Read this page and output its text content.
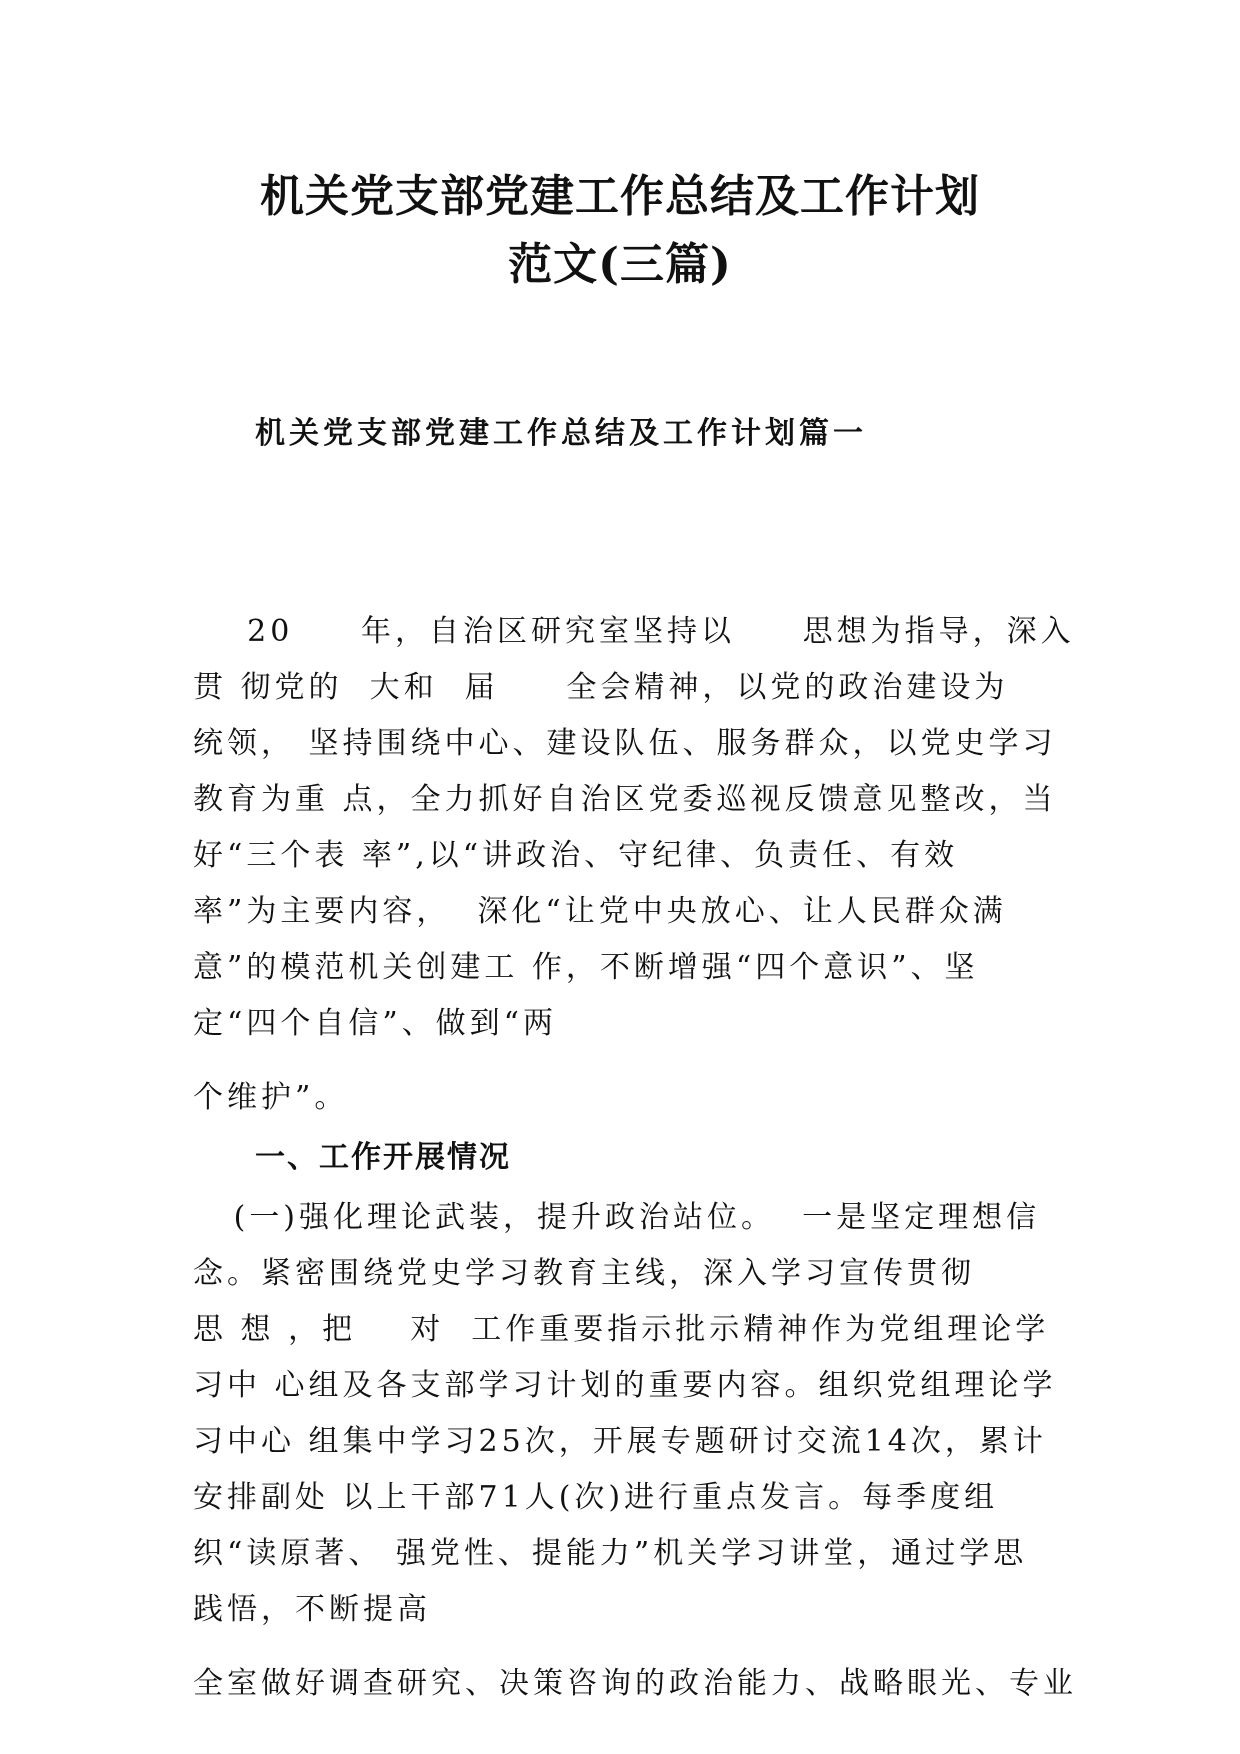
机关党支部党建工作总结及工作计划
范文(三篇)
机关党支部党建工作总结及工作计划篇一
20     年，自治区研究室坚持以     思想为指导，深入
贯 彻党的  大和  届     全会精神，以党的政治建设为
统领， 坚持围绕中心、建设队伍、服务群众，以党史学习
教育为重 点，全力抓好自治区党委巡视反馈意见整改，当
好“三个表 率”,以“讲政治、守纪律、负责任、有效
率”为主要内容，  深化“让党中央放心、让人民群众满
意”的模范机关创建工 作，不断增强“四个意识”、坚
定“四个自信”、做到“两
个维护”。
一、工作开展情况
(一)强化理论武装，提升政治站位。  一是坚定理想信
念。紧密围绕党史学习教育主线，深入学习宣传贯彻
思 想 ，把    对  工作重要指示批示精神作为党组理论学
习中 心组及各支部学习计划的重要内容。组织党组理论学
习中心 组集中学习25次，开展专题研讨交流14次，累计
安排副处 以上干部71人(次)进行重点发言。每季度组
织“读原著、 强党性、提能力”机关学习讲堂，通过学思
践悟，不断提高
全室做好调查研究、决策咨询的政治能力、战略眼光、专业
